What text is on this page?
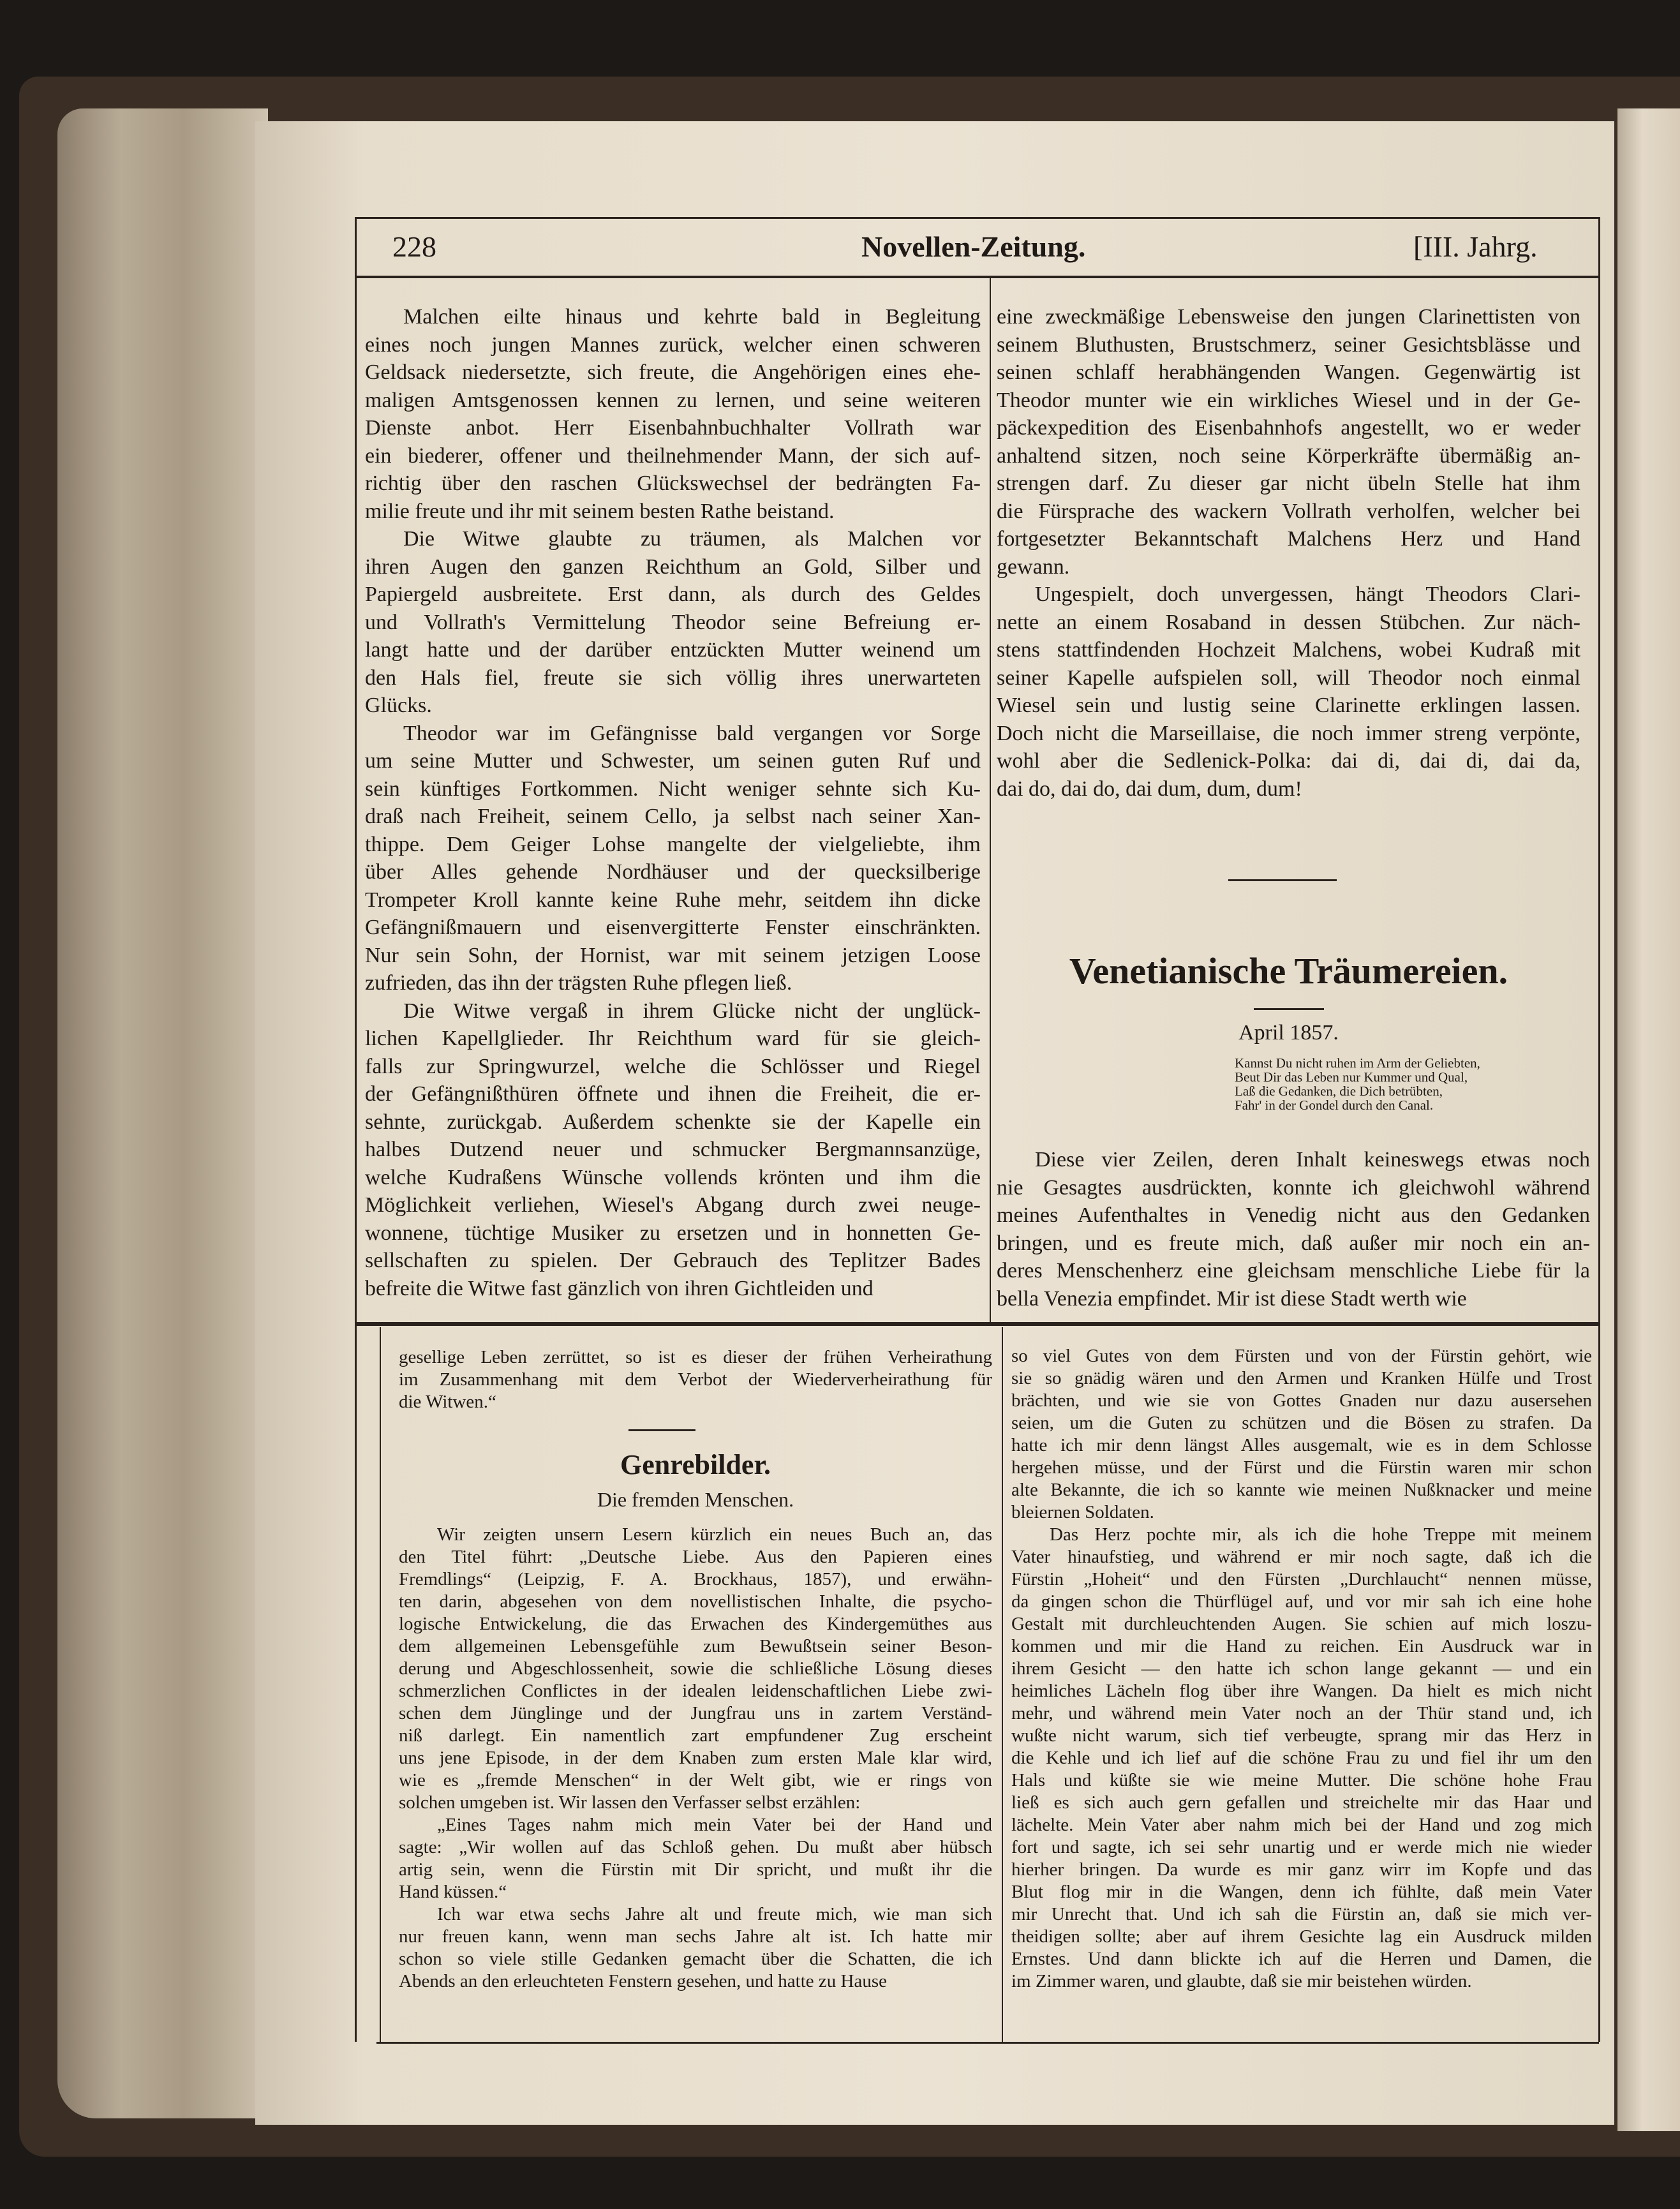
228	Novellen-Zeitung.	[III. Jahrg.
Malchen eilte hinaus und kehrte bald in Begleitung
eines noch jungen Mannes zurück, welcher einen schweren
Geldsack niedersetzte, sich freute, die Angehörigen eines ehe-
maligen Amtsgenossen kennen zu lernen, und seine weiteren
Dienste anbot. Herr Eisenbahnbuchhalter Vollrath war
ein biederer, offener und theilnehmender Mann, der sich auf-
richtig über den raschen Glückswechsel der bedrängten Fa-
milie freute und ihr mit seinem besten Rathe beistand.
Die Witwe glaubte zu träumen, als Malchen vor
ihren Augen den ganzen Reichthum an Gold, Silber und
Papiergeld ausbreitete. Erst dann, als durch des Geldes
und Vollrath's Vermittelung Theodor seine Befreiung er-
langt hatte und der darüber entzückten Mutter weinend um
den Hals fiel, freute sie sich völlig ihres unerwarteten
Glücks.
Theodor war im Gefängnisse bald vergangen vor Sorge
um seine Mutter und Schwester, um seinen guten Ruf und
sein künftiges Fortkommen. Nicht weniger sehnte sich Ku-
draß nach Freiheit, seinem Cello, ja selbst nach seiner Xan-
thippe. Dem Geiger Lohse mangelte der vielgeliebte, ihm
über Alles gehende Nordhäuser und der quecksilberige
Trompeter Kroll kannte keine Ruhe mehr, seitdem ihn dicke
Gefängnißmauern und eisenvergitterte Fenster einschränkten.
Nur sein Sohn, der Hornist, war mit seinem jetzigen Loose
zufrieden, das ihn der trägsten Ruhe pflegen ließ.
Die Witwe vergaß in ihrem Glücke nicht der unglück-
lichen Kapellglieder. Ihr Reichthum ward für sie gleich-
falls zur Springwurzel, welche die Schlösser und Riegel
der Gefängnißthüren öffnete und ihnen die Freiheit, die er-
sehnte, zurückgab. Außerdem schenkte sie der Kapelle ein
halbes Dutzend neuer und schmucker Bergmannsanzüge,
welche Kudraßens Wünsche vollends krönten und ihm die
Möglichkeit verliehen, Wiesel's Abgang durch zwei neuge-
wonnene, tüchtige Musiker zu ersetzen und in honnetten Ge-
sellschaften zu spielen. Der Gebrauch des Teplitzer Bades
befreite die Witwe fast gänzlich von ihren Gichtleiden und
eine zweckmäßige Lebensweise den jungen Clarinettisten von
seinem Bluthusten, Brustschmerz, seiner Gesichtsblässe und
seinen schlaff herabhängenden Wangen. Gegenwärtig ist
Theodor munter wie ein wirkliches Wiesel und in der Ge-
päckexpedition des Eisenbahnhofs angestellt, wo er weder
anhaltend sitzen, noch seine Körperkräfte übermäßig an-
strengen darf. Zu dieser gar nicht übeln Stelle hat ihm
die Fürsprache des wackern Vollrath verholfen, welcher bei
fortgesetzter Bekanntschaft Malchens Herz und Hand
gewann.
Ungespielt, doch unvergessen, hängt Theodors Clari-
nette an einem Rosaband in dessen Stübchen. Zur näch-
stens stattfindenden Hochzeit Malchens, wobei Kudraß mit
seiner Kapelle aufspielen soll, will Theodor noch einmal
Wiesel sein und lustig seine Clarinette erklingen lassen.
Doch nicht die Marseillaise, die noch immer streng verpönte,
wohl aber die Sedlenick-Polka: dai di, dai di, dai da,
dai do, dai do, dai dum, dum, dum!
Venetianische Träumereien.
April 1857.
Kannst Du nicht ruhen im Arm der Geliebten,
Beut Dir das Leben nur Kummer und Qual,
Laß die Gedanken, die Dich betrübten,
Fahr' in der Gondel durch den Canal.
Diese vier Zeilen, deren Inhalt keineswegs etwas noch
nie Gesagtes ausdrückten, konnte ich gleichwohl während
meines Aufenthaltes in Venedig nicht aus den Gedanken
bringen, und es freute mich, daß außer mir noch ein an-
deres Menschenherz eine gleichsam menschliche Liebe für la
bella Venezia empfindet. Mir ist diese Stadt werth wie
gesellige Leben zerrüttet, so ist es dieser der frühen Verheirathung
im Zusammenhang mit dem Verbot der Wiederverheirathung für
die Witwen.“
Genrebilder.
Die fremden Menschen.
Wir zeigten unsern Lesern kürzlich ein neues Buch an, das
den Titel führt: „Deutsche Liebe. Aus den Papieren eines
Fremdlings“ (Leipzig, F. A. Brockhaus, 1857), und erwähn-
ten darin, abgesehen von dem novellistischen Inhalte, die psycho-
logische Entwickelung, die das Erwachen des Kindergemüthes aus
dem allgemeinen Lebensgefühle zum Bewußtsein seiner Beson-
derung und Abgeschlossenheit, sowie die schließliche Lösung dieses
schmerzlichen Conflictes in der idealen leidenschaftlichen Liebe zwi-
schen dem Jünglinge und der Jungfrau uns in zartem Verständ-
niß darlegt. Ein namentlich zart empfundener Zug erscheint
uns jene Episode, in der dem Knaben zum ersten Male klar wird,
wie es „fremde Menschen“ in der Welt gibt, wie er rings von
solchen umgeben ist. Wir lassen den Verfasser selbst erzählen:
„Eines Tages nahm mich mein Vater bei der Hand und
sagte: „Wir wollen auf das Schloß gehen. Du mußt aber hübsch
artig sein, wenn die Fürstin mit Dir spricht, und mußt ihr die
Hand küssen.“
Ich war etwa sechs Jahre alt und freute mich, wie man sich
nur freuen kann, wenn man sechs Jahre alt ist. Ich hatte mir
schon so viele stille Gedanken gemacht über die Schatten, die ich
Abends an den erleuchteten Fenstern gesehen, und hatte zu Hause
so viel Gutes von dem Fürsten und von der Fürstin gehört, wie
sie so gnädig wären und den Armen und Kranken Hülfe und Trost
brächten, und wie sie von Gottes Gnaden nur dazu ausersehen
seien, um die Guten zu schützen und die Bösen zu strafen. Da
hatte ich mir denn längst Alles ausgemalt, wie es in dem Schlosse
hergehen müsse, und der Fürst und die Fürstin waren mir schon
alte Bekannte, die ich so kannte wie meinen Nußknacker und meine
bleiernen Soldaten.
Das Herz pochte mir, als ich die hohe Treppe mit meinem
Vater hinaufstieg, und während er mir noch sagte, daß ich die
Fürstin „Hoheit“ und den Fürsten „Durchlaucht“ nennen müsse,
da gingen schon die Thürflügel auf, und vor mir sah ich eine hohe
Gestalt mit durchleuchtenden Augen. Sie schien auf mich loszu-
kommen und mir die Hand zu reichen. Ein Ausdruck war in
ihrem Gesicht — den hatte ich schon lange gekannt — und ein
heimliches Lächeln flog über ihre Wangen. Da hielt es mich nicht
mehr, und während mein Vater noch an der Thür stand und, ich
wußte nicht warum, sich tief verbeugte, sprang mir das Herz in
die Kehle und ich lief auf die schöne Frau zu und fiel ihr um den
Hals und küßte sie wie meine Mutter. Die schöne hohe Frau
ließ es sich auch gern gefallen und streichelte mir das Haar und
lächelte. Mein Vater aber nahm mich bei der Hand und zog mich
fort und sagte, ich sei sehr unartig und er werde mich nie wieder
hierher bringen. Da wurde es mir ganz wirr im Kopfe und das
Blut flog mir in die Wangen, denn ich fühlte, daß mein Vater
mir Unrecht that. Und ich sah die Fürstin an, daß sie mich ver-
theidigen sollte; aber auf ihrem Gesichte lag ein Ausdruck milden
Ernstes. Und dann blickte ich auf die Herren und Damen, die
im Zimmer waren, und glaubte, daß sie mir beistehen würden.
